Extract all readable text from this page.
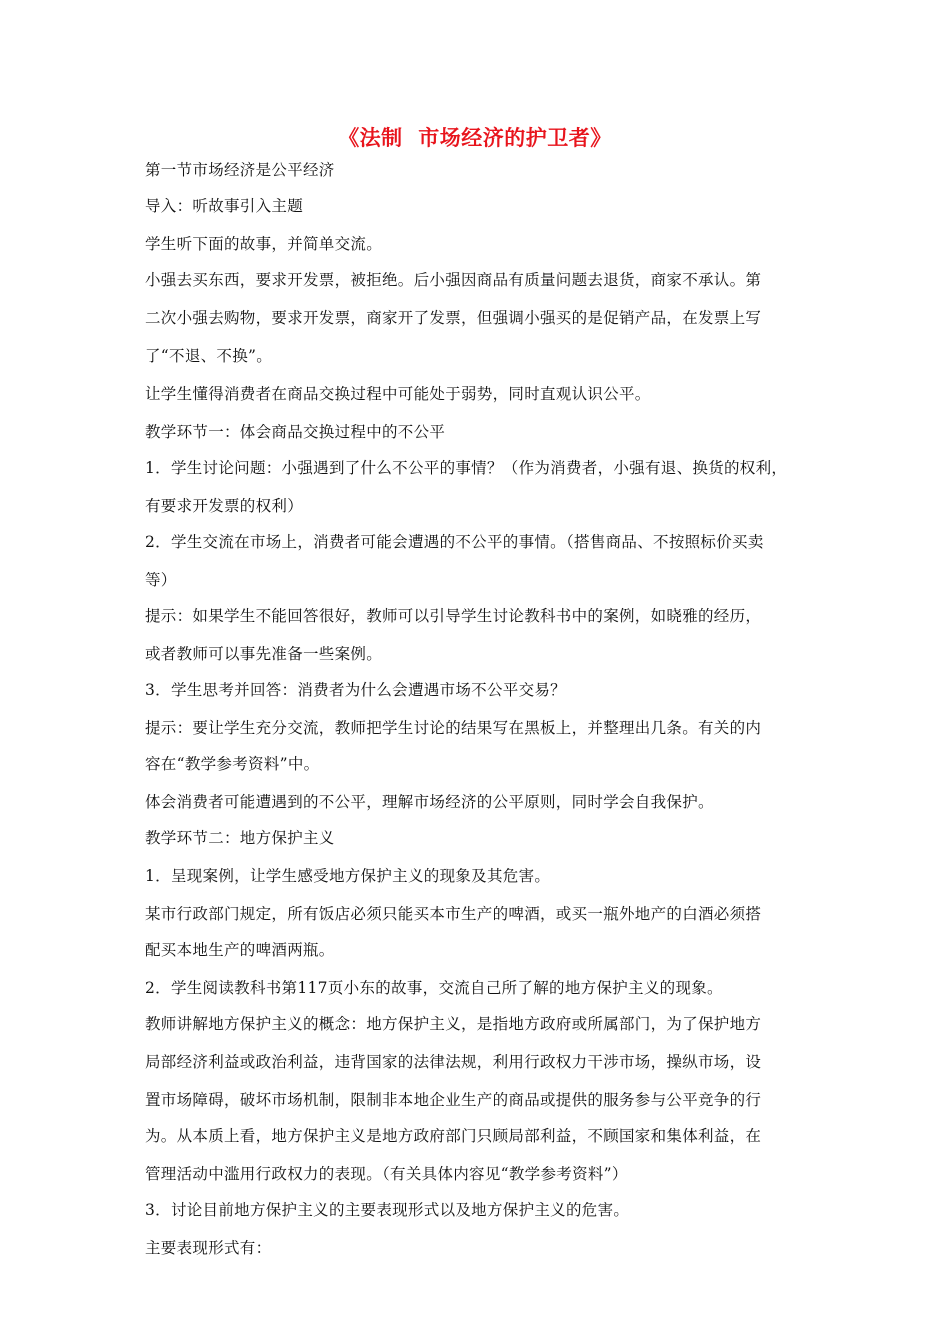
《法制  市场经济的护卫者》
第一节市场经济是公平经济
导入：听故事引入主题
学生听下面的故事，并简单交流。
小强去买东西，要求开发票，被拒绝。后小强因商品有质量问题去退货，商家不承认。第
二次小强去购物，要求开发票，商家开了发票，但强调小强买的是促销产品，在发票上写
了“不退、不换”。
让学生懂得消费者在商品交换过程中可能处于弱势，同时直观认识公平。
教学环节一：体会商品交换过程中的不公平
1．学生讨论问题：小强遇到了什么不公平的事情？（作为消费者，小强有退、换货的权利，
有要求开发票的权利）
2．学生交流在市场上，消费者可能会遭遇的不公平的事情。（搭售商品、不按照标价买卖
等）
提示：如果学生不能回答很好，教师可以引导学生讨论教科书中的案例，如晓雅的经历，
或者教师可以事先准备一些案例。
3．学生思考并回答：消费者为什么会遭遇市场不公平交易？
提示：要让学生充分交流，教师把学生讨论的结果写在黑板上，并整理出几条。有关的内
容在“教学参考资料”中。
体会消费者可能遭遇到的不公平，理解市场经济的公平原则，同时学会自我保护。
教学环节二：地方保护主义
1．呈现案例，让学生感受地方保护主义的现象及其危害。
某市行政部门规定，所有饭店必须只能买本市生产的啤酒，或买一瓶外地产的白酒必须搭
配买本地生产的啤酒两瓶。
2．学生阅读教科书第117页小东的故事，交流自己所了解的地方保护主义的现象。
教师讲解地方保护主义的概念：地方保护主义，是指地方政府或所属部门，为了保护地方
局部经济利益或政治利益，违背国家的法律法规，利用行政权力干涉市场，操纵市场，设
置市场障碍，破坏市场机制，限制非本地企业生产的商品或提供的服务参与公平竞争的行
为。从本质上看，地方保护主义是地方政府部门只顾局部利益，不顾国家和集体利益，在
管理活动中滥用行政权力的表现。（有关具体内容见“教学参考资料”）
3．讨论目前地方保护主义的主要表现形式以及地方保护主义的危害。
主要表现形式有：
